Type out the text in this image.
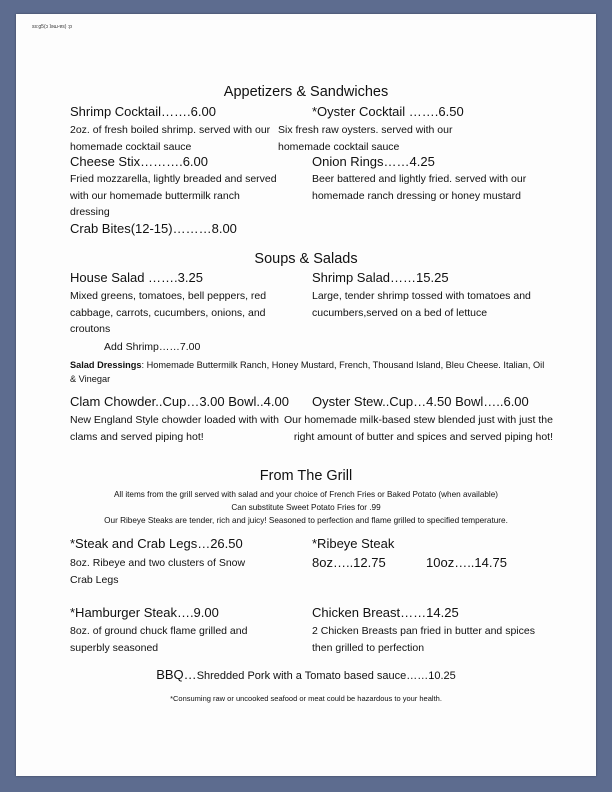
ss:g5(ɔ ʇəɯ-ɐs) :p
Appetizers & Sandwiches
Shrimp Cocktail…….6.00
2oz. of fresh boiled shrimp. served with our homemade cocktail sauce
*Oyster Cocktail …….6.50
Six fresh raw oysters. served with our homemade cocktail sauce
Cheese Stix……….6.00
Fried mozzarella, lightly breaded and served with our homemade buttermilk ranch dressing
Onion Rings……4.25
Beer battered and lightly fried. served with our homemade ranch dressing or honey mustard
Crab Bites(12-15)………8.00
Soups & Salads
House Salad …….3.25
Mixed greens, tomatoes, bell peppers, red cabbage, carrots, cucumbers, onions, and croutons
Add Shrimp……7.00
Shrimp Salad……15.25
Large, tender shrimp tossed with tomatoes and cucumbers,served on a bed of lettuce
Salad Dressings: Homemade Buttermilk Ranch, Honey Mustard, French, Thousand Island, Bleu Cheese. Italian, Oil & Vinegar
Clam Chowder..Cup…3.00 Bowl..4.00
New England Style chowder loaded with with clams and served piping hot!
Oyster Stew..Cup…4.50 Bowl…..6.00
Our homemade milk-based stew blended just with just the right amount of butter and spices and served piping hot!
From The Grill
All items from the grill served with salad and your choice of French Fries or Baked Potato (when available)
Can substitute Sweet Potato Fries for .99
Our Ribeye Steaks are tender, rich and juicy! Seasoned to perfection and flame grilled to specified temperature.
*Steak and Crab Legs…26.50
8oz. Ribeye and two clusters of Snow Crab Legs
*Ribeye Steak
8oz…..12.75	10oz…..14.75
*Hamburger Steak….9.00
8oz. of ground chuck flame grilled and superbly seasoned
Chicken Breast……14.25
2 Chicken Breasts pan fried in butter and spices then grilled to perfection
BBQ…Shredded Pork with a Tomato based sauce……10.25
*Consuming raw or uncooked seafood or meat could be hazardous to your health.
